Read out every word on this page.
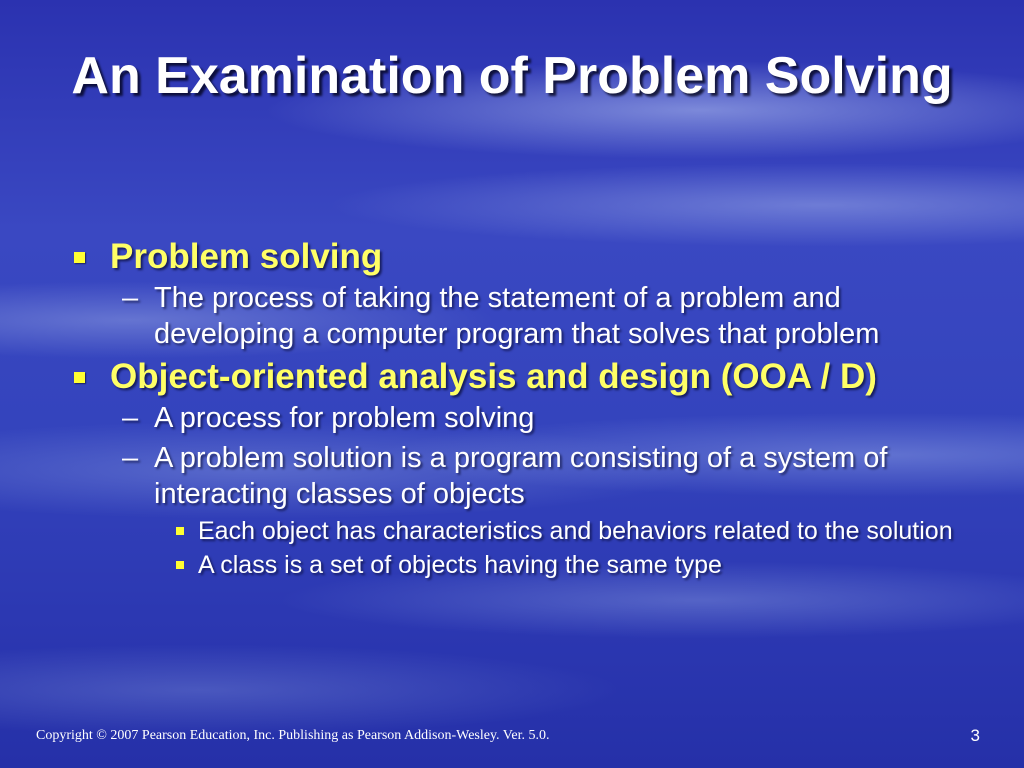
An Examination of Problem Solving
Problem solving
– The process of taking the statement of a problem and developing a computer program that solves that problem
Object-oriented analysis and design (OOA / D)
– A process for problem solving
– A problem solution is a program consisting of a system of interacting classes of objects
Each object has characteristics and behaviors related to the solution
A class is a set of objects having the same type
Copyright © 2007 Pearson Education, Inc. Publishing as Pearson Addison-Wesley. Ver. 5.0.	3
